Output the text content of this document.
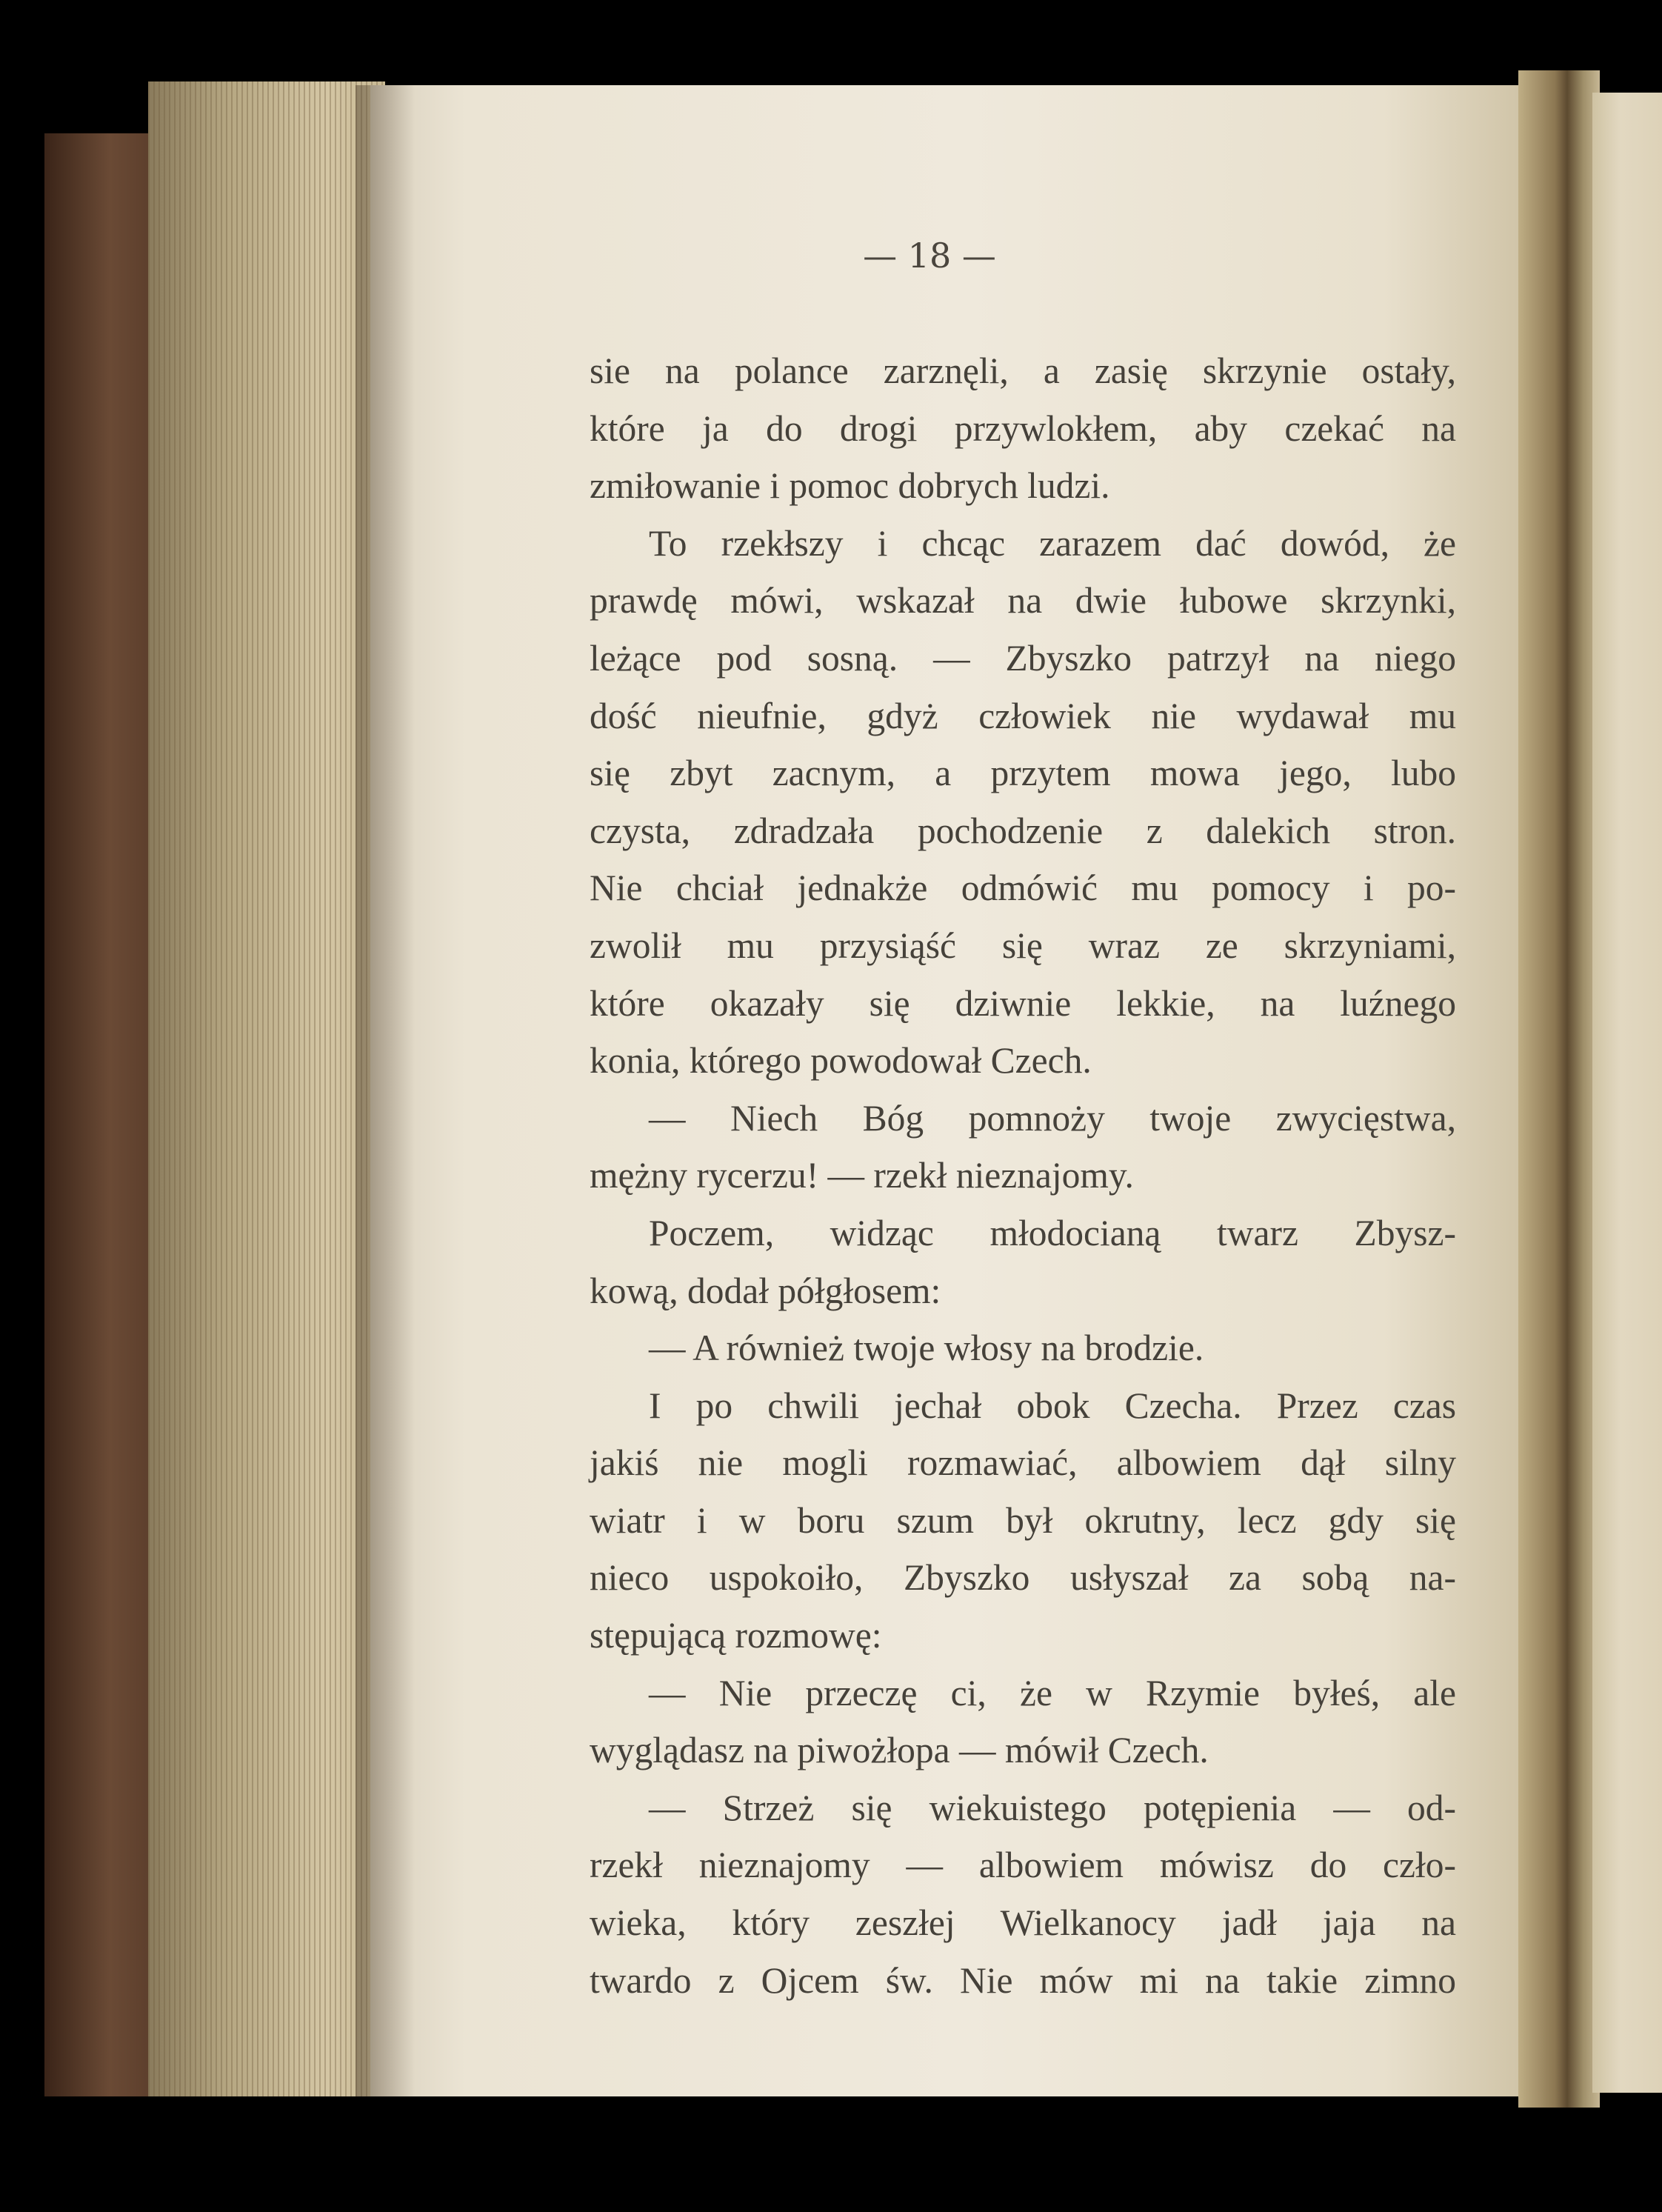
— 18 —
sie na polance zarznęli, a zasię skrzynie ostały,
które ja do drogi przywlokłem, aby czekać na
zmiłowanie i pomoc dobrych ludzi.
To rzekłszy i chcąc zarazem dać dowód, że
prawdę mówi, wskazał na dwie łubowe skrzynki,
leżące pod sosną. — Zbyszko patrzył na niego
dość nieufnie, gdyż człowiek nie wydawał mu
się zbyt zacnym, a przytem mowa jego, lubo
czysta, zdradzała pochodzenie z dalekich stron.
Nie chciał jednakże odmówić mu pomocy i po-
zwolił mu przysiąść się wraz ze skrzyniami,
które okazały się dziwnie lekkie, na luźnego
konia, którego powodował Czech.
— Niech Bóg pomnoży twoje zwycięstwa,
mężny rycerzu! — rzekł nieznajomy.
Poczem, widząc młodocianą twarz Zbysz-
kową, dodał półgłosem:
— A również twoje włosy na brodzie.
I po chwili jechał obok Czecha. Przez czas
jakiś nie mogli rozmawiać, albowiem dął silny
wiatr i w boru szum był okrutny, lecz gdy się
nieco uspokoiło, Zbyszko usłyszał za sobą na-
stępującą rozmowę:
— Nie przeczę ci, że w Rzymie byłeś, ale
wyglądasz na piwożłopa — mówił Czech.
— Strzeż się wiekuistego potępienia — od-
rzekł nieznajomy — albowiem mówisz do czło-
wieka, który zeszłej Wielkanocy jadł jaja na
twardo z Ojcem św. Nie mów mi na takie zimno
